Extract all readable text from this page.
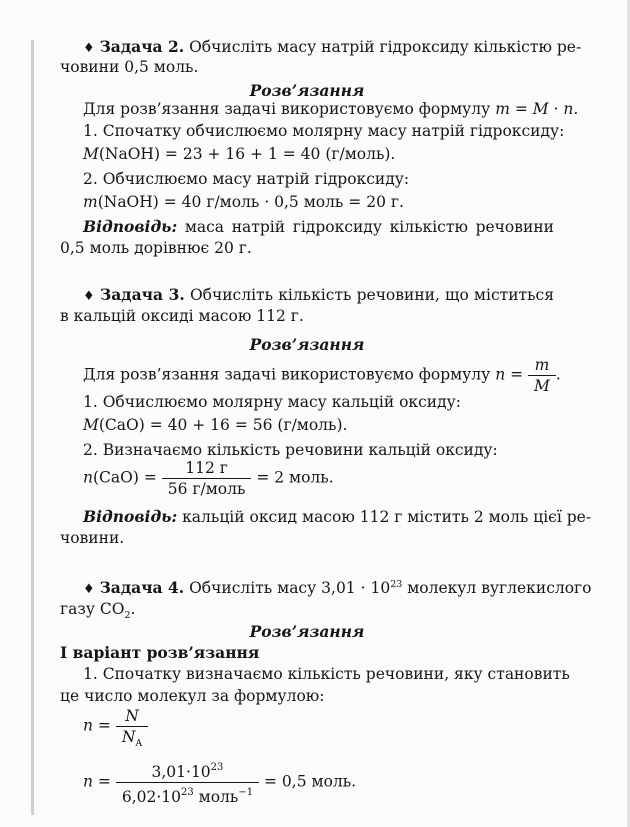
♦ Задача 2. Обчисліть масу натрій гідроксиду кількістю ре-
човини 0,5 моль.
Розв’язання
Для розв’язання задачі використовуємо формулу m = M · n.
1. Спочатку обчислюємо молярну масу натрій гідроксиду:
M(NaOH) = 23 + 16 + 1 = 40 (г/моль).
2. Обчислюємо масу натрій гідроксиду:
m(NaOH) = 40 г/моль · 0,5 моль = 20 г.
Відповідь: маса натрій гідроксиду кількістю речовини
0,5 моль дорівнює 20 г.
♦ Задача 3. Обчисліть кількість речовини, що міститься
в кальцій оксиді масою 112 г.
Розв’язання
Для розв’язання задачі використовуємо формулу $n = \frac{m}{M}$ .
1. Обчислюємо молярну масу кальцій оксиду:
M(CaO) = 40 + 16 = 56 (г/моль).
2. Визначаємо кількість речовини кальцій оксиду:
$n(CaO) = \frac{112 г}{\text{56 г/моль}} = 2$ моль.
Відповідь: кальцій оксид масою 112 г містить 2 моль цієї ре-
човини.
♦ Задача 4. Обчисліть масу $3,01 \cdot 10^{23}$ молекул вуглекислого
газу $CO_2$.
Розв’язання
I варіант розв’язання
1. Спочатку визначаємо кількість речовини, яку становить
це число молекул за формулою:
$n = \frac{N}{N_A}$
$n = \frac{3,01\cdot 10^{23}}{6,02\cdot 10^{23} моль^{-1}} = 0,5$ моль.
